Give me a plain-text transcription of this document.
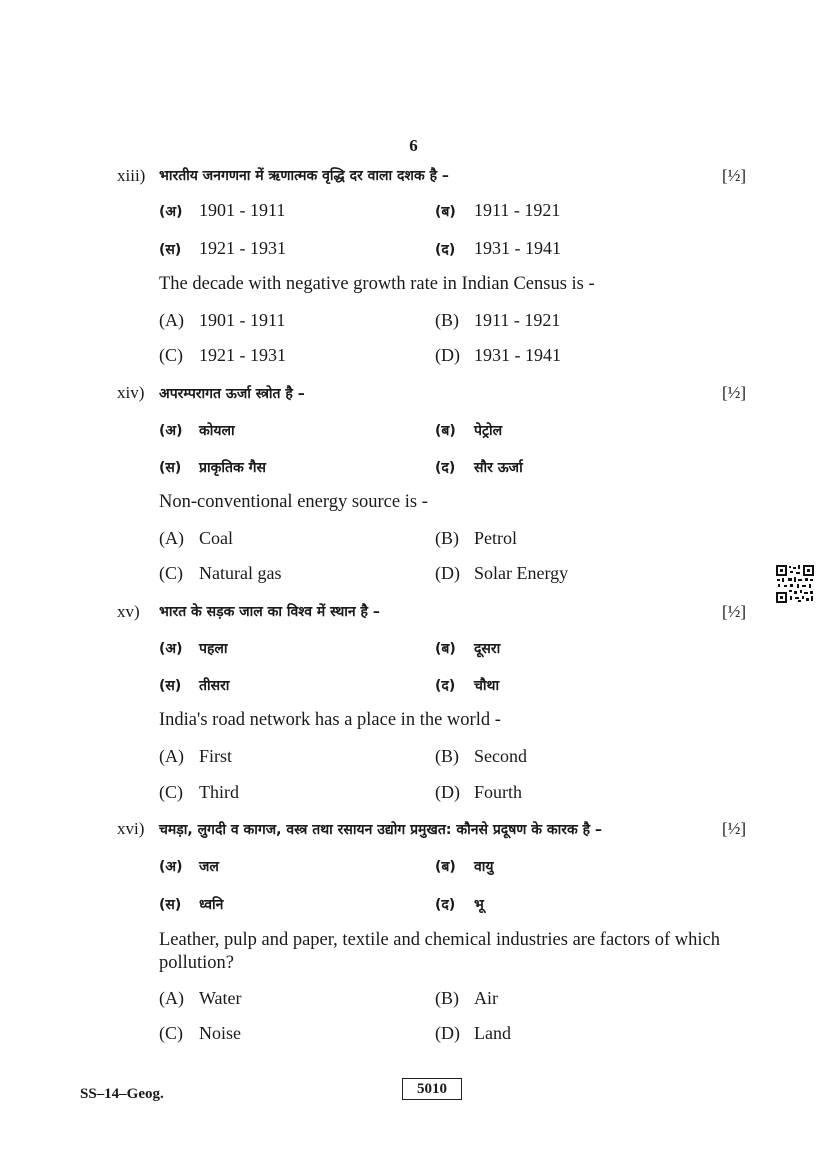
6
xiii) भारतीय जनगणना में ऋणात्मक वृद्धि दर वाला दशक है –	[½]
(अ) 1901 - 1911	(ब) 1911 - 1921
(स) 1921 - 1931	(द) 1931 - 1941
The decade with negative growth rate in Indian Census is -
(A) 1901 - 1911	(B) 1911 - 1921
(C) 1921 - 1931	(D) 1931 - 1941
xiv) अपरम्परागत ऊर्जा स्त्रोत है –	[½]
(अ) कोयला	(ब) पेट्रोल
(स) प्राकृतिक गैस	(द) सौर ऊर्जा
Non-conventional energy source is -
(A) Coal	(B) Petrol
(C) Natural gas	(D) Solar Energy
xv) भारत के सड़क जाल का विश्व में स्थान है –	[½]
(अ) पहला	(ब) दूसरा
(स) तीसरा	(द) चौथा
India's road network has a place in the world -
(A) First	(B) Second
(C) Third	(D) Fourth
xvi) चमड़ा, लुगदी व कागज, वस्त्र तथा रसायन उद्योग प्रमुखत: कौनसे प्रदूषण के कारक है –	[½]
(अ) जल	(ब) वायु
(स) ध्वनि	(द) भू
Leather, pulp and paper, textile and chemical industries are factors of which
pollution?
(A) Water	(B) Air
(C) Noise	(D) Land
SS–14–Geog.	5010
